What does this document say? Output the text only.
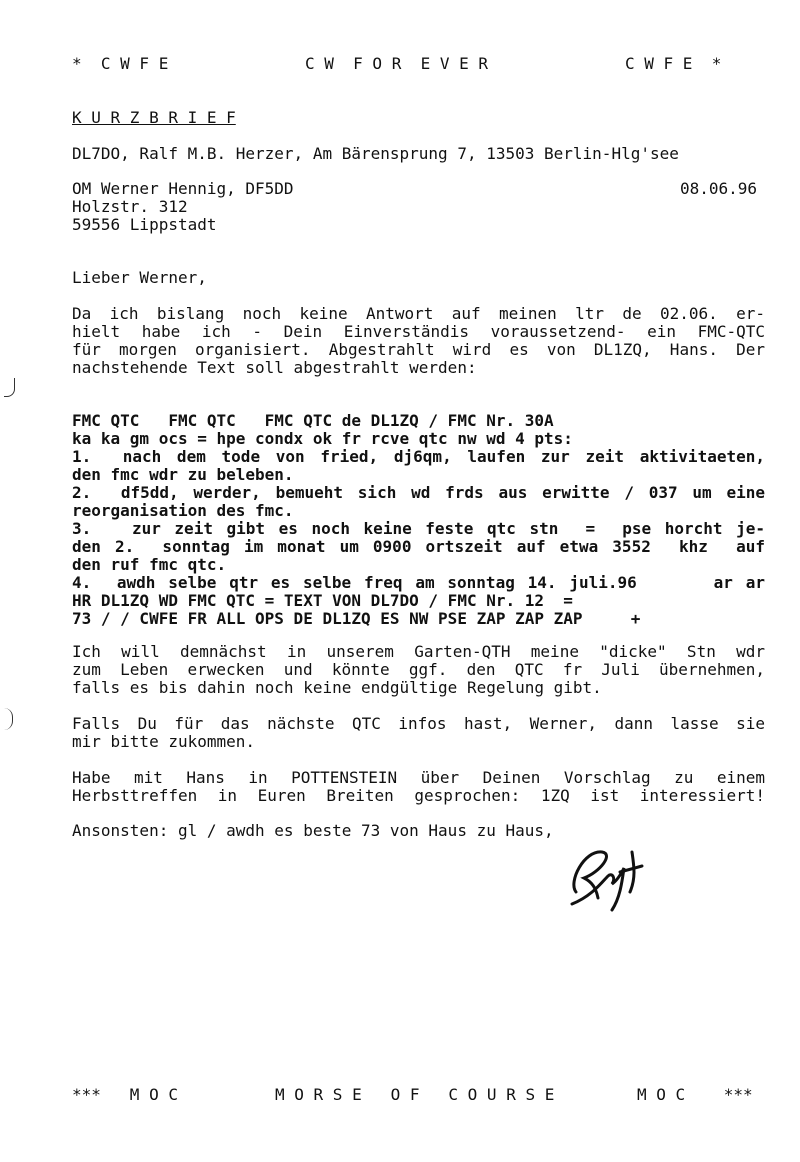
*  C W F E	C W  F O R  E V E R	C W F E  *
K U R Z B R I E F
DL7DO, Ralf M.B. Herzer, Am Bärensprung 7, 13503 Berlin-Hlg'see
OM Werner Hennig, DF5DD	08.06.96
Holzstr. 312
59556 Lippstadt
Lieber Werner,
Da ich bislang noch keine Antwort auf meinen ltr de 02.06. er-
hielt habe ich - Dein Einverständis voraussetzend- ein FMC-QTC
für morgen organisiert. Abgestrahlt wird es von DL1ZQ, Hans. Der
nachstehende Text soll abgestrahlt werden:
FMC QTC   FMC QTC   FMC QTC de DL1ZQ / FMC Nr. 30A
ka ka gm ocs = hpe condx ok fr rcve qtc nw wd 4 pts:
1.  nach dem tode von fried, dj6qm, laufen zur zeit aktivitaeten,
den fmc wdr zu beleben.
2.  df5dd, werder, bemueht sich wd frds aus erwitte / 037 um eine
reorganisation des fmc.
3.   zur zeit gibt es noch keine feste qtc stn  =  pse horcht je-
den 2.  sonntag im monat um 0900 ortszeit auf etwa 3552  khz  auf
den ruf fmc qtc.
4.  awdh selbe qtr es selbe freq am sonntag 14. juli.96      ar ar
HR DL1ZQ WD FMC QTC = TEXT VON DL7DO / FMC Nr. 12  =
73 / / CWFE FR ALL OPS DE DL1ZQ ES NW PSE ZAP ZAP ZAP     +
Ich will demnächst in unserem Garten-QTH meine "dicke" Stn wdr
zum Leben erwecken und könnte ggf. den QTC fr Juli übernehmen,
falls es bis dahin noch keine endgültige Regelung gibt.
Falls Du für das nächste QTC infos hast, Werner, dann lasse sie
mir bitte zukommen.
Habe mit Hans in POTTENSTEIN über Deinen Vorschlag zu einem
Herbsttreffen in Euren Breiten gesprochen: 1ZQ ist interessiert!
Ansonsten: gl / awdh es beste 73 von Haus zu Haus,
***   M O C	M O R S E   O F   C O U R S E	M O C    ***
